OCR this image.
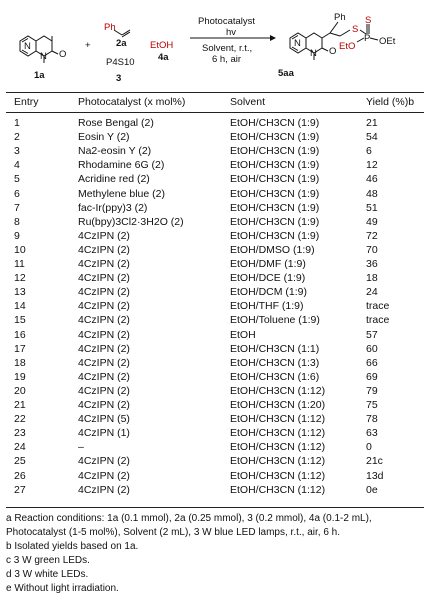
N
N O
1a
+
Ph
2a
P4S10
3
EtOH
4a
Photocatalyst
hv
Solvent, r.t.,
6 h, air
Ph
S
S
P OEt
EtO
N
N O
5aa
Entry	Photocatalyst (x mol%)	Solvent	Yield (%)b
1	Rose Bengal (2)	EtOH/CH3CN (1:9)	21
2	Eosin Y (2)	EtOH/CH3CN (1:9)	54
3	Na2-eosin Y (2)	EtOH/CH3CN (1:9)	6
4	Rhodamine 6G (2)	EtOH/CH3CN (1:9)	12
5	Acridine red (2)	EtOH/CH3CN (1:9)	46
6	Methylene blue (2)	EtOH/CH3CN (1:9)	48
7	fac-Ir(ppy)3 (2)	EtOH/CH3CN (1:9)	51
8	Ru(bpy)3Cl2·3H2O (2)	EtOH/CH3CN (1:9)	49
9	4CzIPN (2)	EtOH/CH3CN (1:9)	72
10	4CzIPN (2)	EtOH/DMSO (1:9)	70
11	4CzIPN (2)	EtOH/DMF (1:9)	36
12	4CzIPN (2)	EtOH/DCE (1:9)	18
13	4CzIPN (2)	EtOH/DCM (1:9)	24
14	4CzIPN (2)	EtOH/THF (1:9)	trace
15	4CzIPN (2)	EtOH/Toluene (1:9)	trace
16	4CzIPN (2)	EtOH	57
17	4CzIPN (2)	EtOH/CH3CN (1:1)	60
18	4CzIPN (2)	EtOH/CH3CN (1:3)	66
19	4CzIPN (2)	EtOH/CH3CN (1:6)	69
20	4CzIPN (2)	EtOH/CH3CN (1:12)	79
21	4CzIPN (2)	EtOH/CH3CN (1:20)	75
22	4CzIPN (5)	EtOH/CH3CN (1:12)	78
23	4CzIPN (1)	EtOH/CH3CN (1:12)	63
24	–	EtOH/CH3CN (1:12)	0
25	4CzIPN (2)	EtOH/CH3CN (1:12)	21c
26	4CzIPN (2)	EtOH/CH3CN (1:12)	13d
27	4CzIPN (2)	EtOH/CH3CN (1:12)	0e
a Reaction conditions: 1a (0.1 mmol), 2a (0.25 mmol), 3 (0.2 mmol), 4a (0.1-2 mL), Photocatalyst (1-5 mol%), Solvent (2 mL), 3 W blue LED lamps, r.t., air, 6 h.
b Isolated yields based on 1a.
c 3 W green LEDs.
d 3 W white LEDs.
e Without light irradiation.
